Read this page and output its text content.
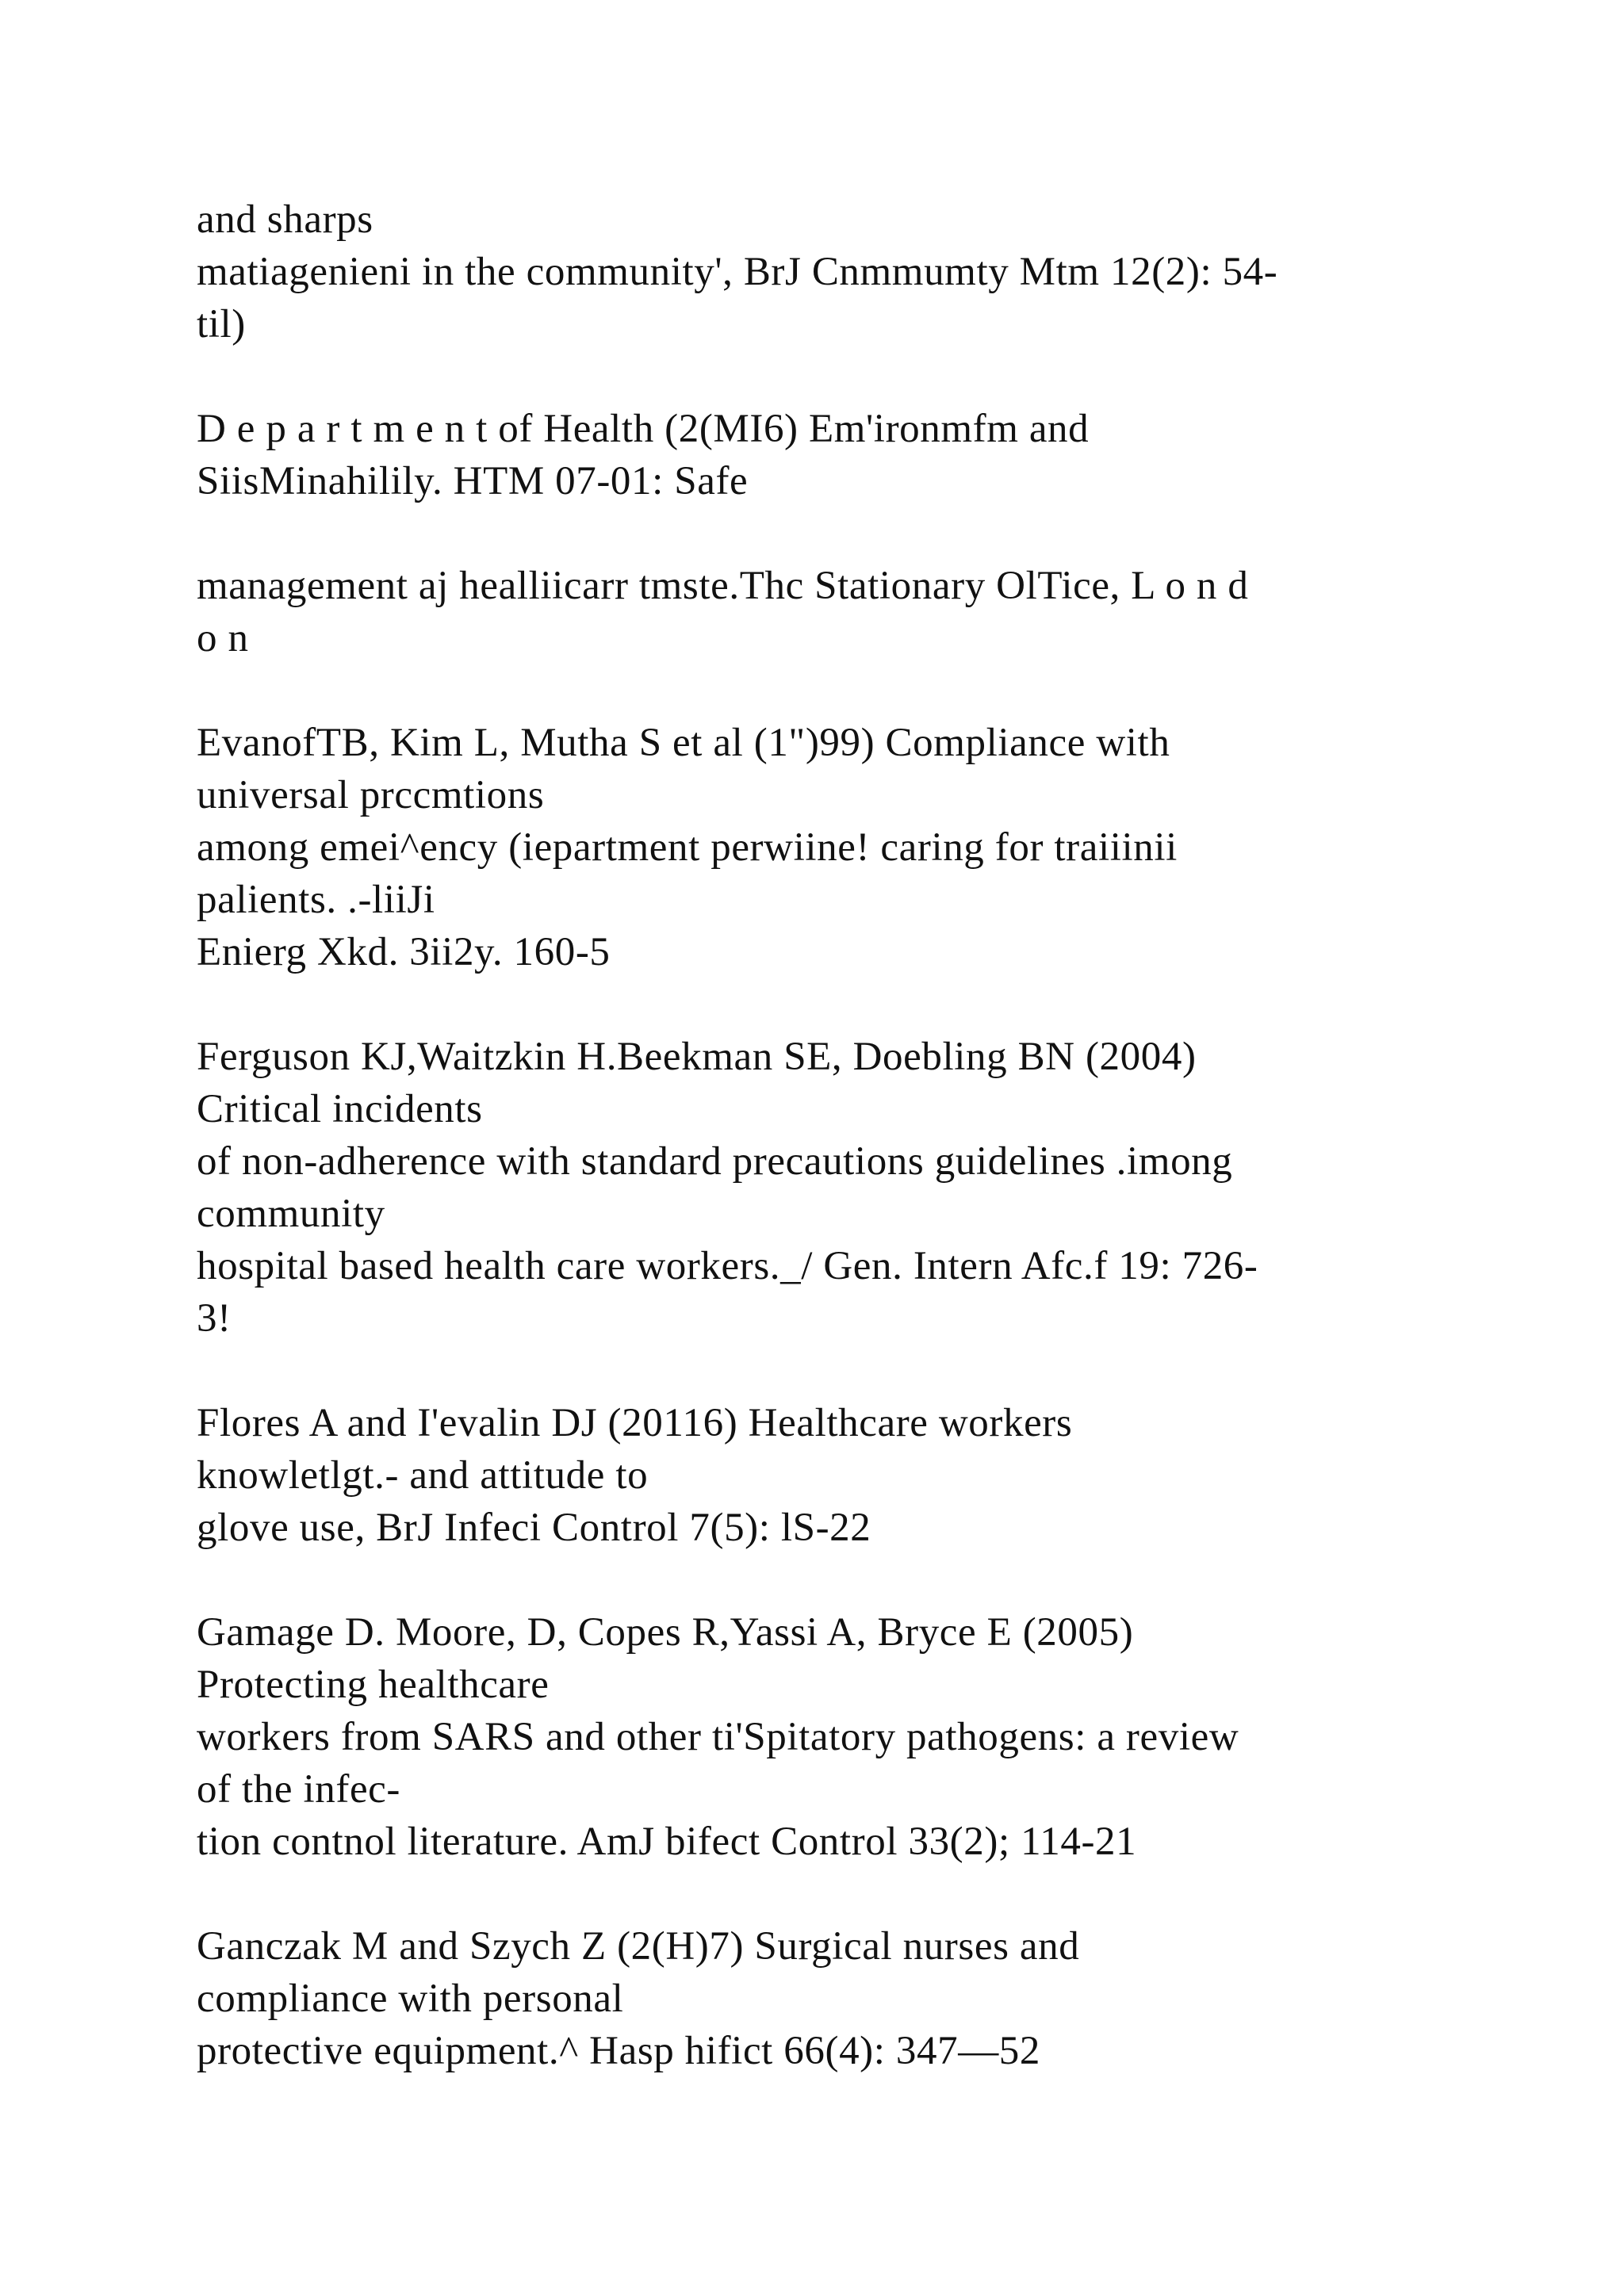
and sharps
matiagenieni in the community', BrJ Cnmmumty Mtm 12(2): 54-
til)

D e p a r t m e n t of Health (2(MI6) Em'ironmfm and
SiisMinahilily. HTM 07-01: Safe

management aj healliicarr tmste.Thc Stationary OlTice, L o n d
o n

EvanofTB, Kim L, Mutha S et al (1")99) Compliance with
universal prccmtions
among emei^ency (iepartment perwiine! caring for traiiinii
palients. .-liiJi
Enierg Xkd. 3ii2y. 160-5

Ferguson KJ,Waitzkin H.Beekman SE, Doebling BN (2004)
Critical incidents
of non-adherence with standard precautions guidelines .imong
community
hospital based health care workers._/ Gen. Intern Afc.f 19: 726-
3!

Flores A and I'evalin DJ (20116) Healthcare workers
knowletlgt.- and attitude to
glove use, BrJ Infeci Control 7(5): lS-22

Gamage D. Moore, D, Copes R,Yassi A, Bryce E (2005)
Protecting healthcare
workers from SARS and other ti'Spitatory pathogens: a review
of the infec-
tion contnol literature. AmJ bifect Control 33(2); 114-21

Ganczak M and Szych Z (2(H)7) Surgical nurses and
compliance with personal
protective equipment.^ Hasp hifict 66(4): 347—52
